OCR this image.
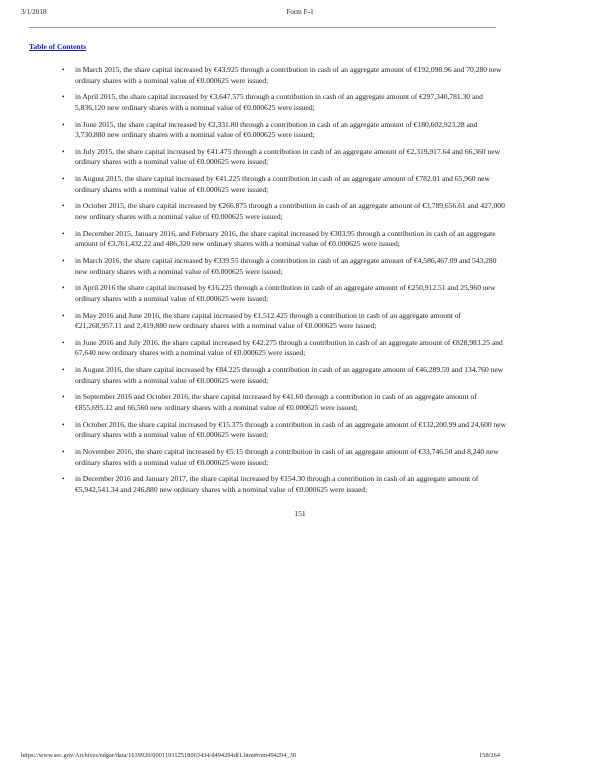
3/1/2018	Form F-1
Table of Contents
• in March 2015, the share capital increased by €43.925 through a contribution in cash of an aggregate amount of €192,098.96 and 70,280 new ordinary shares with a nominal value of €0.000625 were issued;
• in April 2015, the share capital increased by €3,647.575 through a contribution in cash of an aggregate amount of €297,340,781.30 and 5,836,120 new ordinary shares with a nominal value of €0.000625 were issued;
• in June 2015, the share capital increased by €2,331.80 through a contribution in cash of an aggregate amount of €180,602,923.28 and 3,730,880 new ordinary shares with a nominal value of €0.000625 were issued;
• in July 2015, the share capital increased by €41.475 through a contribution in cash of an aggregate amount of €2,319,917.64 and 66,360 new ordinary shares with a nominal value of €0.000625 were issued;
• in August 2015, the share capital increased by €41.225 through a contribution in cash of an aggregate amount of €782.01 and 65,960 new ordinary shares with a nominal value of €0.000625 were issued;
• in October 2015, the share capital increased by €266.875 through a contribution in cash of an aggregate amount of €3,789,656.61 and 427,000 new ordinary shares with a nominal value of €0.000625 were issued;
• in December 2015, January 2016, and February 2016, the share capital increased by €303.95 through a contribution in cash of an aggregate amount of €3,761,432.22 and 486,320 new ordinary shares with a nominal value of €0.000625 were issued;
• in March 2016, the share capital increased by €339.55 through a contribution in cash of an aggregate amount of €4,586,467.09 and 543,280 new ordinary shares with a nominal value of €0.000625 were issued;
• in April 2016 the share capital increased by €16.225 through a contribution in cash of an aggregate amount of €250,912.51 and 25,960 new ordinary shares with a nominal value of €0.000625 were issued;
• in May 2016 and June 2016, the share capital increased by €1,512.425 through a contribution in cash of an aggregate amount of €21,268,957.11 and 2,419,880 new ordinary shares with a nominal value of €0.000625 were issued;
• in June 2016 and July 2016, the share capital increased by €42.275 through a contribution in cash of an aggregate amount of €828,983.25 and 67,640 new ordinary shares with a nominal value of €0.000625 were issued;
• in August 2016, the share capital increased by €84.225 through a contribution in cash of an aggregate amount of €46,289.59 and 134,760 new ordinary shares with a nominal value of €0.000625 were issued;
• in September 2016 and October 2016, the share capital increased by €41.60 through a contribution in cash of an aggregate amount of €855,695.12 and 66,560 new ordinary shares with a nominal value of €0.000625 were issued;
• in October 2016, the share capital increased by €15.375 through a contribution in cash of an aggregate amount of €132,200.99 and 24,600 new ordinary shares with a nominal value of €0.000625 were issued;
• in November 2016, the share capital increased by €5.15 through a contribution in cash of an aggregate amount of €33,746.50 and 8,240 new ordinary shares with a nominal value of €0.000625 were issued;
• in December 2016 and January 2017, the share capital increased by €154.30 through a contribution in cash of an aggregate amount of €5,942,541.34 and 246,880 new ordinary shares with a nominal value of €0.000625 were issued;
151
https://www.sec.gov/Archives/edgar/data/1639920/000119312518063434/d494294df1.htm#rom494294_30	158/264
